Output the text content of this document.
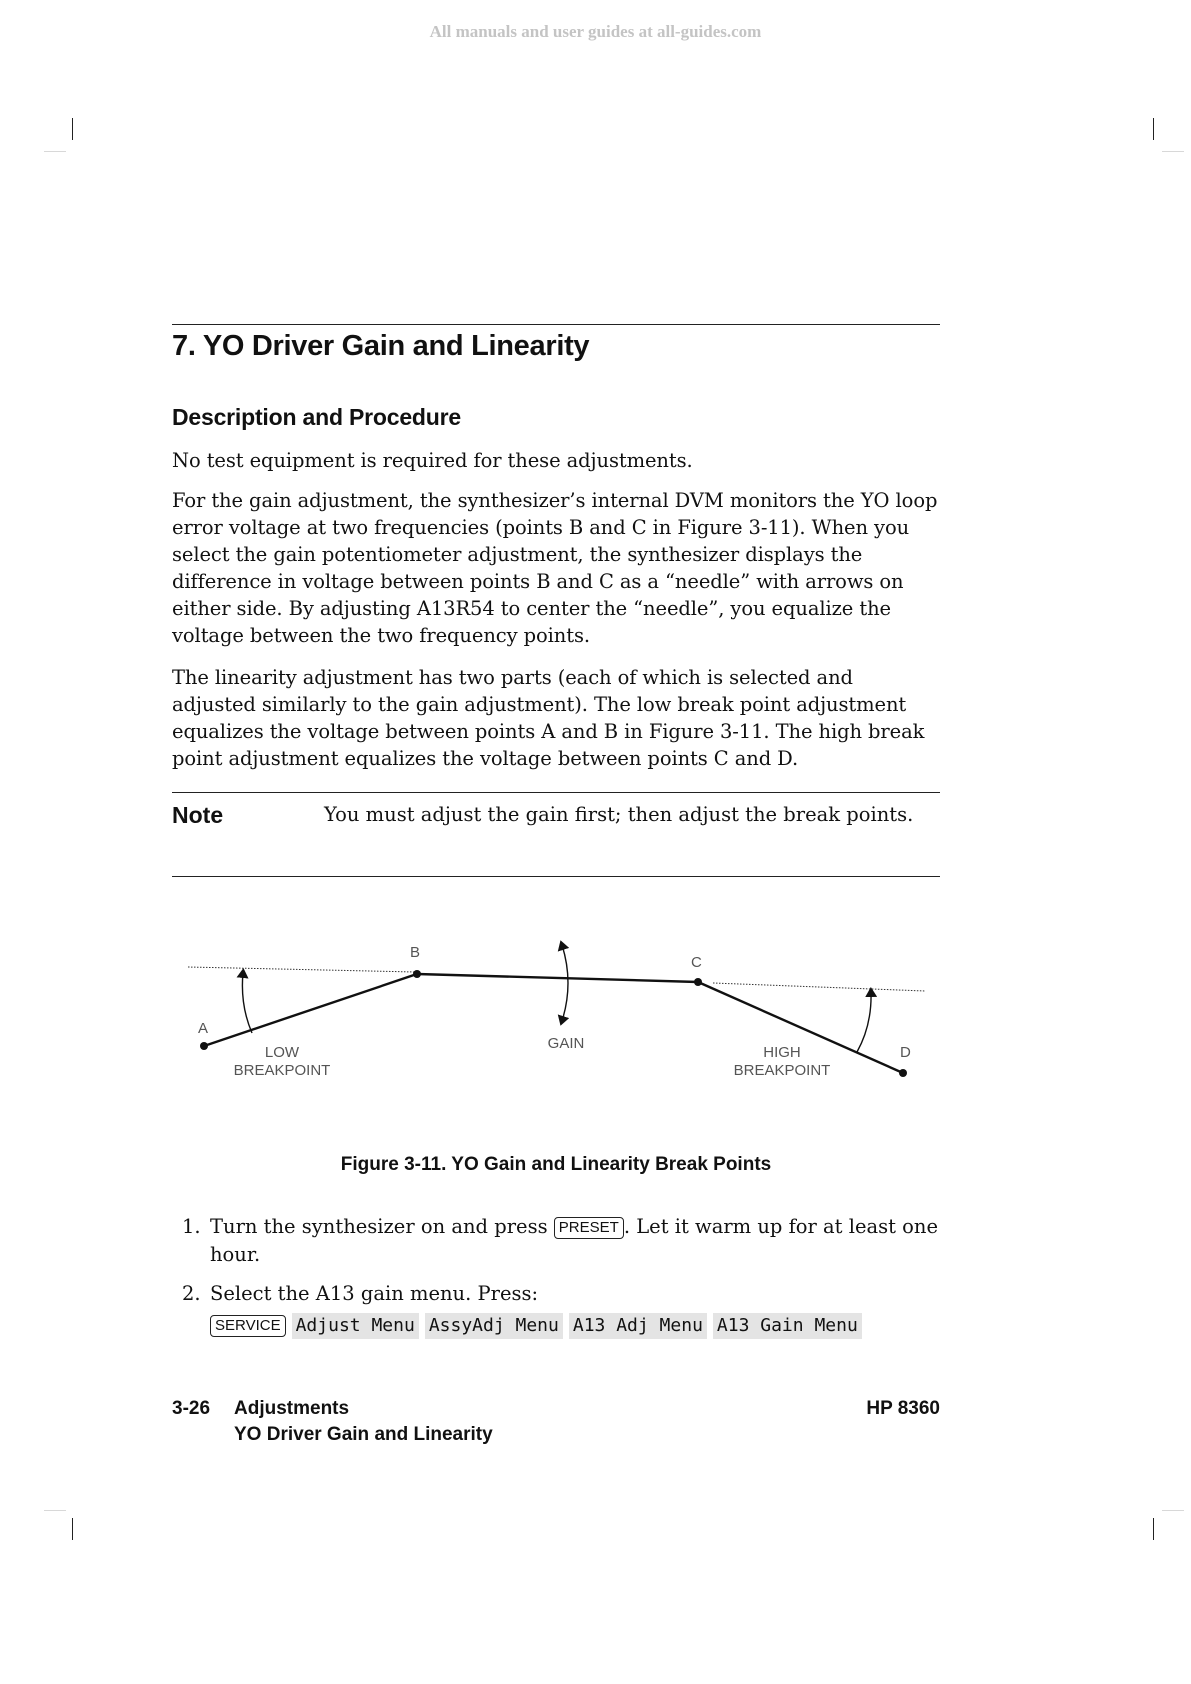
All manuals and user guides at all-guides.com
7. YO Driver Gain and Linearity
Description and Procedure

No test equipment is required for these adjustments.

For the gain adjustment, the synthesizer’s internal DVM monitors the YO loop error voltage at two frequencies (points B and C in Figure 3-11). When you select the gain potentiometer adjustment, the synthesizer displays the difference in voltage between points B and C as a “needle” with arrows on either side. By adjusting A13R54 to center the “needle”, you equalize the voltage between the two frequency points.

The linearity adjustment has two parts (each of which is selected and adjusted similarly to the gain adjustment). The low break point adjustment equalizes the voltage between points A and B in Figure 3-11. The high break point adjustment equalizes the voltage between points C and D.

Note	You must adjust the gain first; then adjust the break points.
A
B
C
D
LOW
BREAKPOINT
GAIN
HIGH
BREAKPOINT
Figure 3-11. YO Gain and Linearity Break Points
1. Turn the synthesizer on and press PRESET . Let it warm up for at least one
hour.
2. Select the A13 gain menu. Press:
SERVICE Adjust Menu AssyAdj Menu A13 Adj Menu A13 Gain Menu
3-26 Adjustments
YO Driver Gain and Linearity
HP 8360
